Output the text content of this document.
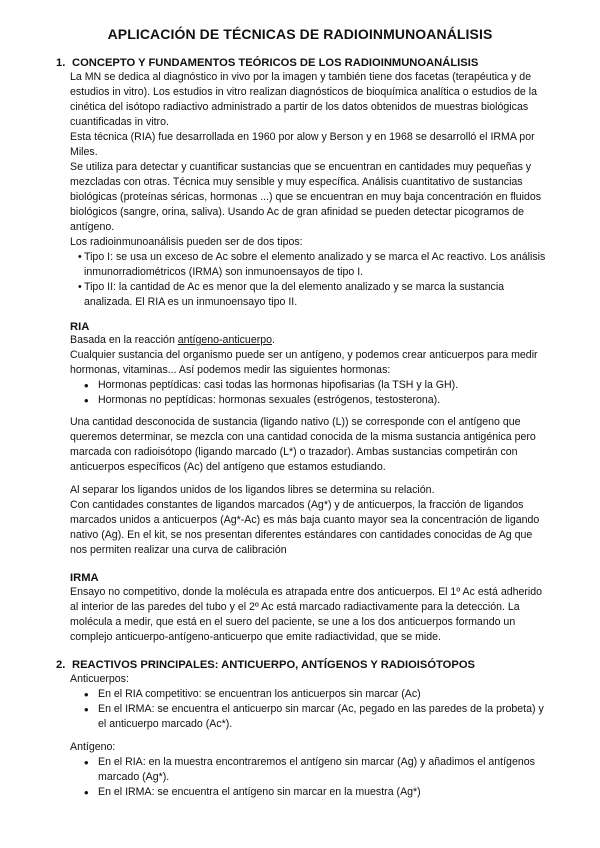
APLICACIÓN DE TÉCNICAS DE RADIOINMUNOANÁLISIS
1. CONCEPTO Y FUNDAMENTOS TEÓRICOS DE LOS RADIOINMUNOANÁLISIS

La MN se dedica al diagnóstico in vivo por la imagen y también tiene dos facetas (terapéutica y de estudios in vitro). Los estudios in vitro realizan diagnósticos de bioquímica analítica o estudios de la cinética del isótopo radiactivo administrado a partir de los datos obtenidos de muestras biológicas cuantificadas in vitro.

Esta técnica (RIA) fue desarrollada en 1960 por alow y Berson y en 1968 se desarrolló el IRMA por Miles.

Se utiliza para detectar y cuantificar sustancias que se encuentran en cantidades muy pequeñas y mezcladas con otras. Técnica muy sensible y muy específica. Análisis cuantitativo de sustancias biológicas (proteínas séricas, hormonas ...) que se encuentran en muy baja concentración en fluidos biológicos (sangre, orina, saliva). Usando Ac de gran afinidad se pueden detectar picogramos de antígeno.

Los radioinmunoanálisis pueden ser de dos tipos:

• Tipo I: se usa un exceso de Ac sobre el elemento analizado y se marca el Ac reactivo. Los análisis inmunorradiométricos (IRMA) son inmunoensayos de tipo I.
• Tipo II: la cantidad de Ac es menor que la del elemento analizado y se marca la sustancia analizada. El RIA es un inmunoensayo tipo II.
RIA

Basada en la reacción antígeno-anticuerpo.

Cualquier sustancia del organismo puede ser un antígeno, y podemos crear anticuerpos para medir hormonas, vitaminas... Así podemos medir las siguientes hormonas:

• Hormonas peptídicas: casi todas las hormonas hipofisarias (la TSH y la GH).
• Hormonas no peptídicas: hormonas sexuales (estrógenos, testosterona).
Una cantidad desconocida de sustancia (ligando nativo (L)) se corresponde con el antígeno que queremos determinar, se mezcla con una cantidad conocida de la misma sustancia antigénica pero marcada con radioisótopo (ligando marcado (L*) o trazador). Ambas sustancias competirán con anticuerpos específicos (Ac) del antígeno que estamos estudiando.

Al separar los ligandos unidos de los ligandos libres se determina su relación.

Con cantidades constantes de ligandos marcados (Ag*) y de anticuerpos, la fracción de ligandos marcados unidos a anticuerpos (Ag*-Ac) es más baja cuanto mayor sea la concentración de ligando nativo (Ag). En el kit, se nos presentan diferentes estándares con cantidades conocidas de Ag que nos permiten realizar una curva de calibración

IRMA
Ensayo no competitivo, donde la molécula es atrapada entre dos anticuerpos. El 1º Ac está adherido al interior de las paredes del tubo y el 2º Ac está marcado radiactivamente para la detección. La molécula a medir, que está en el suero del paciente, se une a los dos anticuerpos formando un complejo anticuerpo-antígeno-anticuerpo que emite radiactividad, que se mide.
2. REACTIVOS PRINCIPALES: ANTICUERPO, ANTÍGENOS Y RADIOISÓTOPOS

Anticuerpos:

• En el RIA competitivo: se encuentran los anticuerpos sin marcar (Ac)
• En el IRMA: se encuentra el anticuerpo sin marcar (Ac, pegado en las paredes de la probeta) y el anticuerpo marcado (Ac*).

Antígeno:

• En el RIA: en la muestra encontraremos el antígeno sin marcar (Ag) y añadimos el antígenos marcado (Ag*).
• En el IRMA: se encuentra el antígeno sin marcar en la muestra (Ag*)
